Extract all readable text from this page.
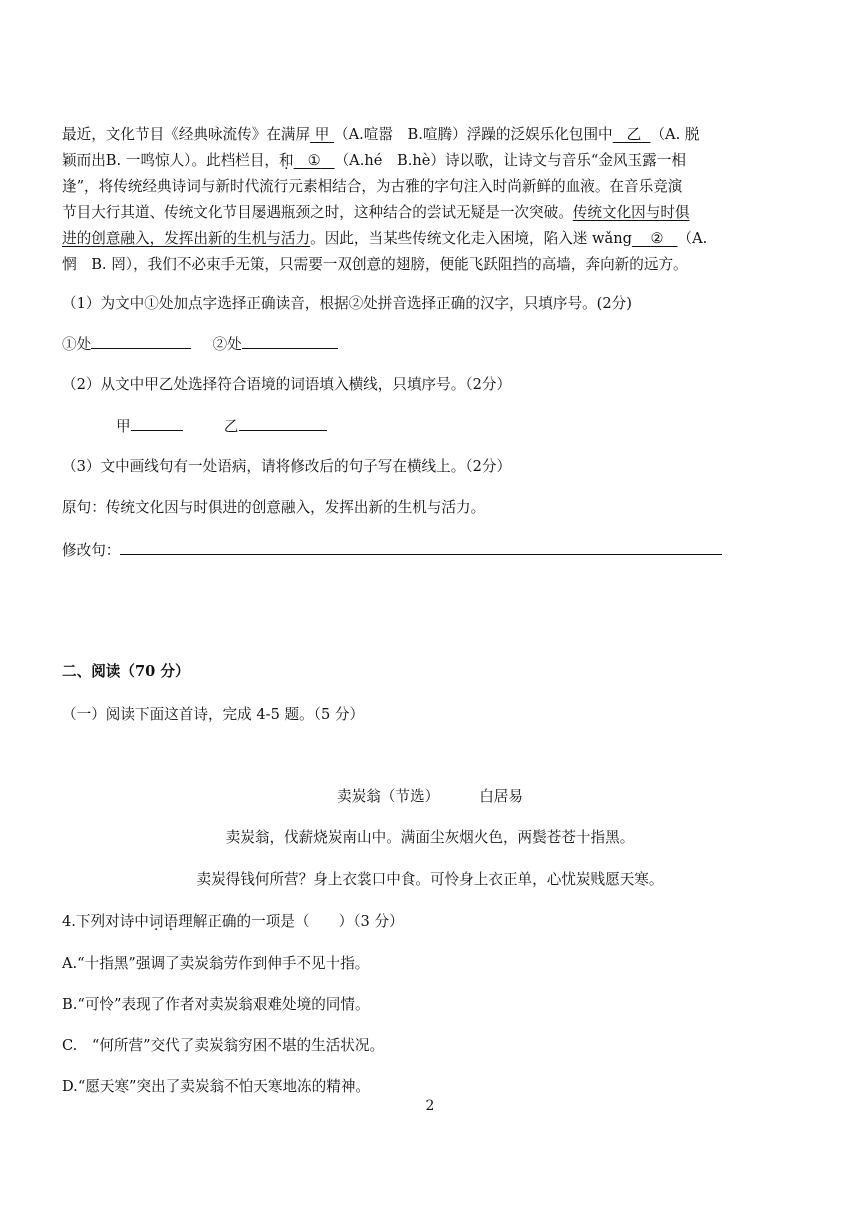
最近，文化节目《经典咏流传》在满屏 甲 （A.喧嚣　B.喧腾）浮躁的泛娱乐化包围中 乙 （A. 脱
颖而出B. 一鸣惊人）。此档栏目，和 ① （A.hé　B.hè）诗以歌，让诗文与音乐“金风玉露一相
逢”，将传统经典诗词与新时代流行元素相结合，为古雅的字句注入时尚新鲜的血液。在音乐竞演
节目大行其道、传统文化节目屡遇瓶颈之时，这种结合的尝试无疑是一次突破。传统文化因与时俱
进的创意融入，发挥出新的生机与活力。因此，当某些传统文化走入困境，陷入迷 wǎng ② （A.
惘　B. 罔），我们不必束手无策，只需要一双创意的翅膀，便能飞跃阻挡的高墙，奔向新的远方。
（1）为文中①处加点字选择正确读音，根据②处拼音选择正确的汉字，只填序号。(2分)
①处	②处
（2）从文中甲乙处选择符合语境的词语填入横线，只填序号。（2分）
甲	乙
（3）文中画线句有一处语病，请将修改后的句子写在横线上。（2分）
原句：传统文化因与时俱进的创意融入，发挥出新的生机与活力。
修改句：
二、阅读（70 分）
（一）阅读下面这首诗，完成 4-5 题。（5 分）
卖炭翁（节选）	白居易
卖炭翁，伐薪烧炭南山中。满面尘灰烟火色，两鬓苍苍十指黑。
卖炭得钱何所营？身上衣裳口中食。可怜身上衣正单，心忧炭贱愿天寒。
4.下列对诗中词语理解正确的一项是（　　）（3 分）
A.“十指黑”强调了卖炭翁劳作到伸手不见十指。
B.“可怜”表现了作者对卖炭翁艰难处境的同情。
C.　“何所营”交代了卖炭翁穷困不堪的生活状况。
D.“愿天寒”突出了卖炭翁不怕天寒地冻的精神。
2
